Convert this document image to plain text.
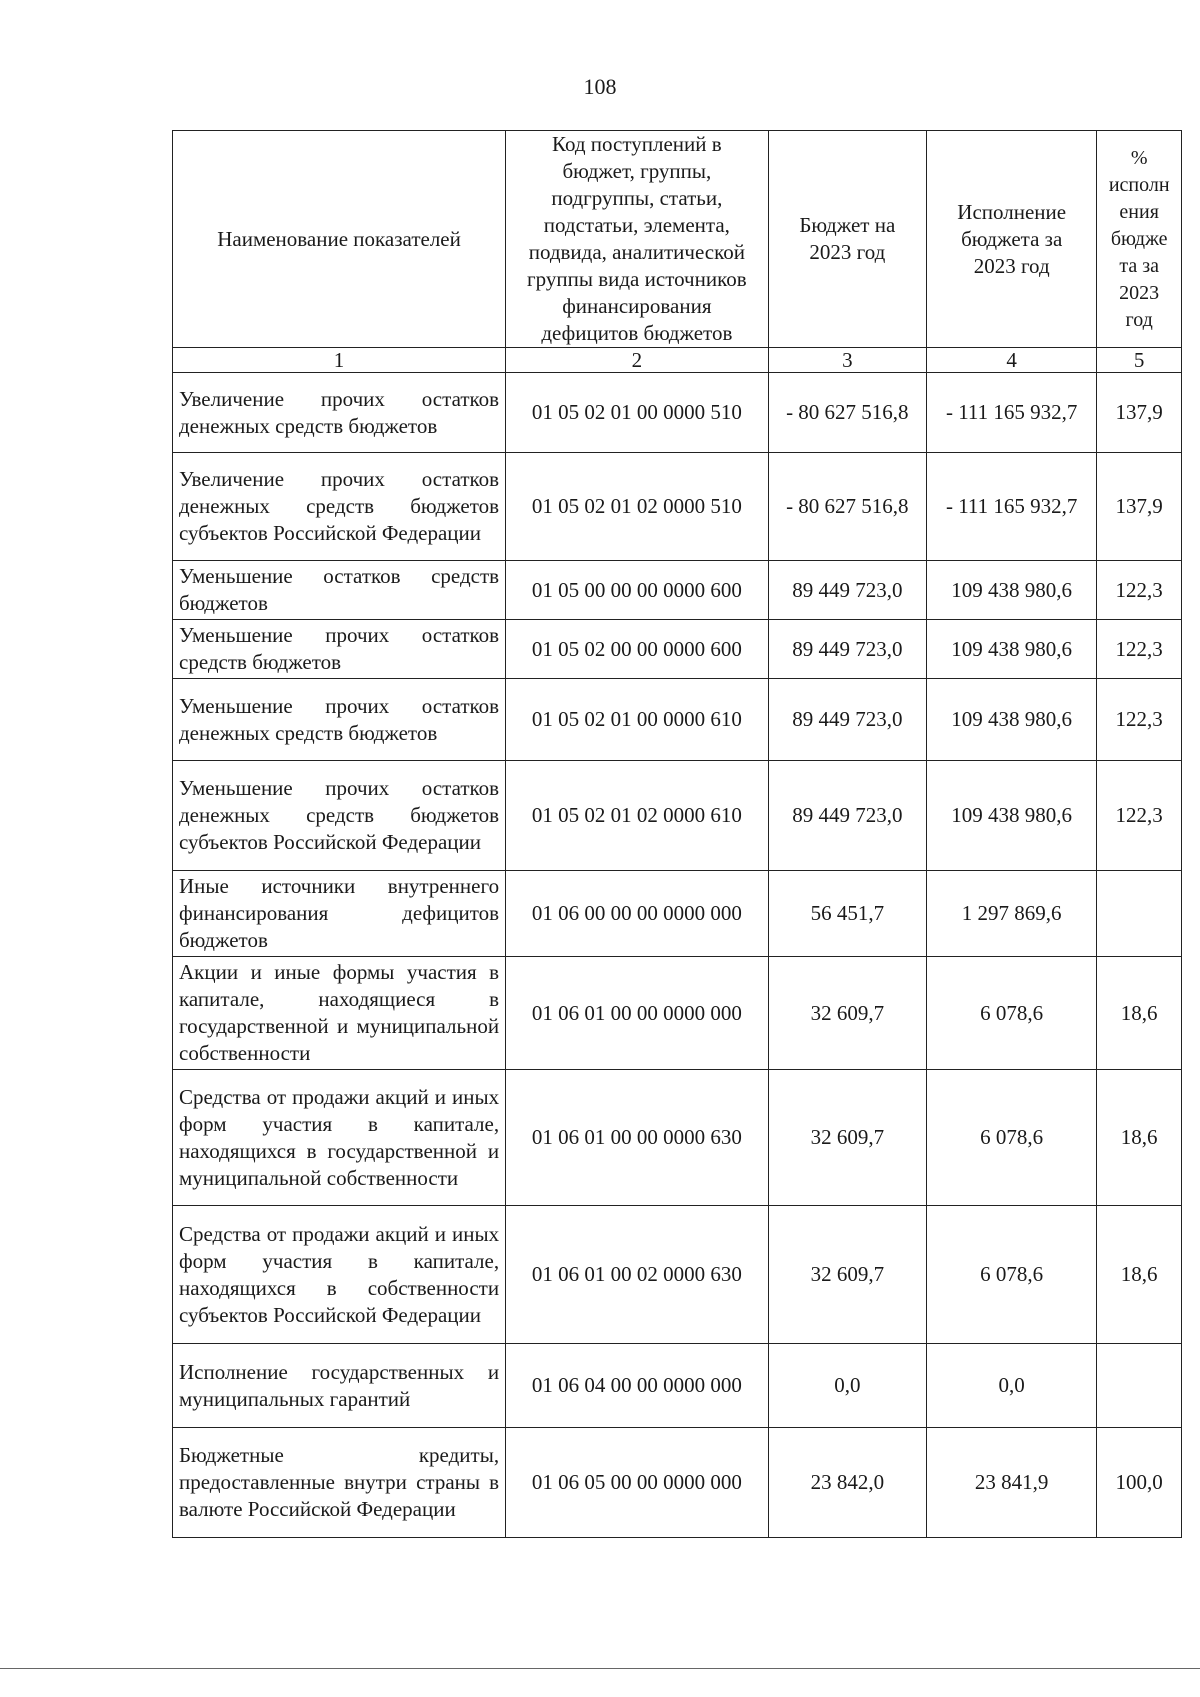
108
Наименование показателей	Код поступлений в бюджет, группы, подгруппы, статьи, подстатьи, элемента, подвида, аналитической группы вида источников финансирования дефицитов бюджетов	Бюджет на 2023 год	Исполнение бюджета за 2023 год	% исполнения бюджета за 2023 год
1	2	3	4	5
Увеличение прочих остатков денежных средств бюджетов	01 05 02 01 00 0000 510	- 80 627 516,8	- 111 165 932,7	137,9
Увеличение прочих остатков денежных средств бюджетов субъектов Российской Федерации	01 05 02 01 02 0000 510	- 80 627 516,8	- 111 165 932,7	137,9
Уменьшение остатков средств бюджетов	01 05 00 00 00 0000 600	89 449 723,0	109 438 980,6	122,3
Уменьшение прочих остатков средств бюджетов	01 05 02 00 00 0000 600	89 449 723,0	109 438 980,6	122,3
Уменьшение прочих остатков денежных средств бюджетов	01 05 02 01 00 0000 610	89 449 723,0	109 438 980,6	122,3
Уменьшение прочих остатков денежных средств бюджетов субъектов Российской Федерации	01 05 02 01 02 0000 610	89 449 723,0	109 438 980,6	122,3
Иные источники внутреннего финансирования дефицитов бюджетов	01 06 00 00 00 0000 000	56 451,7	1 297 869,6	
Акции и иные формы участия в капитале, находящиеся в государственной и муниципальной собственности	01 06 01 00 00 0000 000	32 609,7	6 078,6	18,6
Средства от продажи акций и иных форм участия в капитале, находящихся в государственной и муниципальной собственности	01 06 01 00 00 0000 630	32 609,7	6 078,6	18,6
Средства от продажи акций и иных форм участия в капитале, находящихся в собственности субъектов Российской Федерации	01 06 01 00 02 0000 630	32 609,7	6 078,6	18,6
Исполнение государственных и муниципальных гарантий	01 06 04 00 00 0000 000	0,0	0,0	
Бюджетные кредиты, предоставленные внутри страны в валюте Российской Федерации	01 06 05 00 00 0000 000	23 842,0	23 841,9	100,0
